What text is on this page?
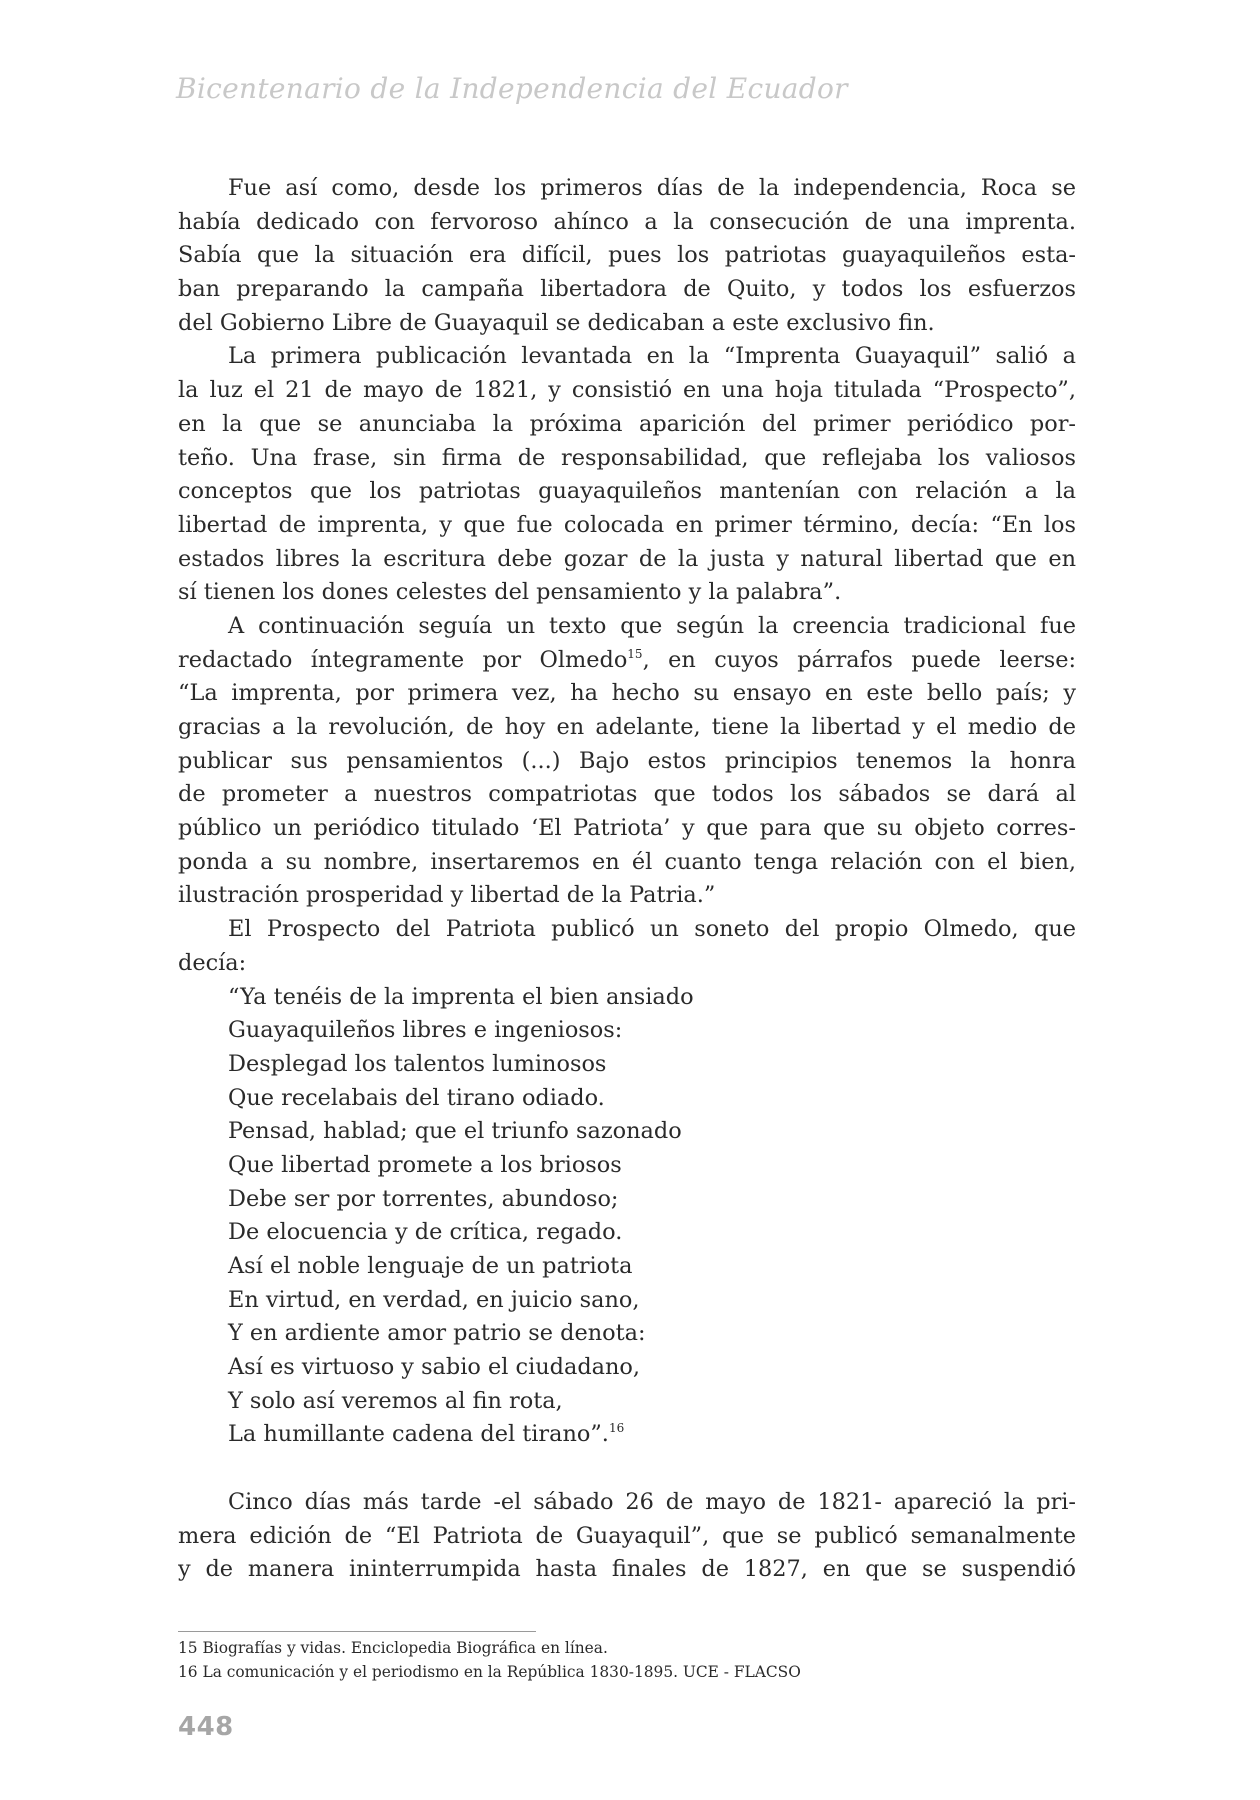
Bicentenario de la Independencia del Ecuador
Fue así como, desde los primeros días de la independencia, Roca se
había dedicado con fervoroso ahínco a la consecución de una imprenta.
Sabía que la situación era difícil, pues los patriotas guayaquileños esta-
ban preparando la campaña libertadora de Quito, y todos los esfuerzos
del Gobierno Libre de Guayaquil se dedicaban a este exclusivo fin.
La primera publicación levantada en la “Imprenta Guayaquil” salió a
la luz el 21 de mayo de 1821, y consistió en una hoja titulada “Prospecto”,
en la que se anunciaba la próxima aparición del primer periódico por-
teño. Una frase, sin firma de responsabilidad, que reflejaba los valiosos
conceptos que los patriotas guayaquileños mantenían con relación a la
libertad de imprenta, y que fue colocada en primer término, decía: “En los
estados libres la escritura debe gozar de la justa y natural libertad que en
sí tienen los dones celestes del pensamiento y la palabra”.
A continuación seguía un texto que según la creencia tradicional fue
redactado íntegramente por Olmedo$^{15}$, en cuyos párrafos puede leerse:
“La imprenta, por primera vez, ha hecho su ensayo en este bello país; y
gracias a la revolución, de hoy en adelante, tiene la libertad y el medio de
publicar sus pensamientos (...) Bajo estos principios tenemos la honra
de prometer a nuestros compatriotas que todos los sábados se dará al
público un periódico titulado ‘El Patriota’ y que para que su objeto corres-
ponda a su nombre, insertaremos en él cuanto tenga relación con el bien,
ilustración prosperidad y libertad de la Patria.”
El Prospecto del Patriota publicó un soneto del propio Olmedo, que
decía:
“Ya tenéis de la imprenta el bien ansiado
Guayaquileños libres e ingeniosos:
Desplegad los talentos luminosos
Que recelabais del tirano odiado.
Pensad, hablad; que el triunfo sazonado
Que libertad promete a los briosos
Debe ser por torrentes, abundoso;
De elocuencia y de crítica, regado.
Así el noble lenguaje de un patriota
En virtud, en verdad, en juicio sano,
Y en ardiente amor patrio se denota:
Así es virtuoso y sabio el ciudadano,
Y solo así veremos al fin rota,
La humillante cadena del tirano”.$^{16}$
Cinco días más tarde -el sábado 26 de mayo de 1821- apareció la pri-
mera edición de “El Patriota de Guayaquil”, que se publicó semanalmente
y de manera ininterrumpida hasta finales de 1827, en que se suspendió
15 Biografías y vidas. Enciclopedia Biográfica en línea.
16 La comunicación y el periodismo en la República 1830-1895. UCE - FLACSO
448
